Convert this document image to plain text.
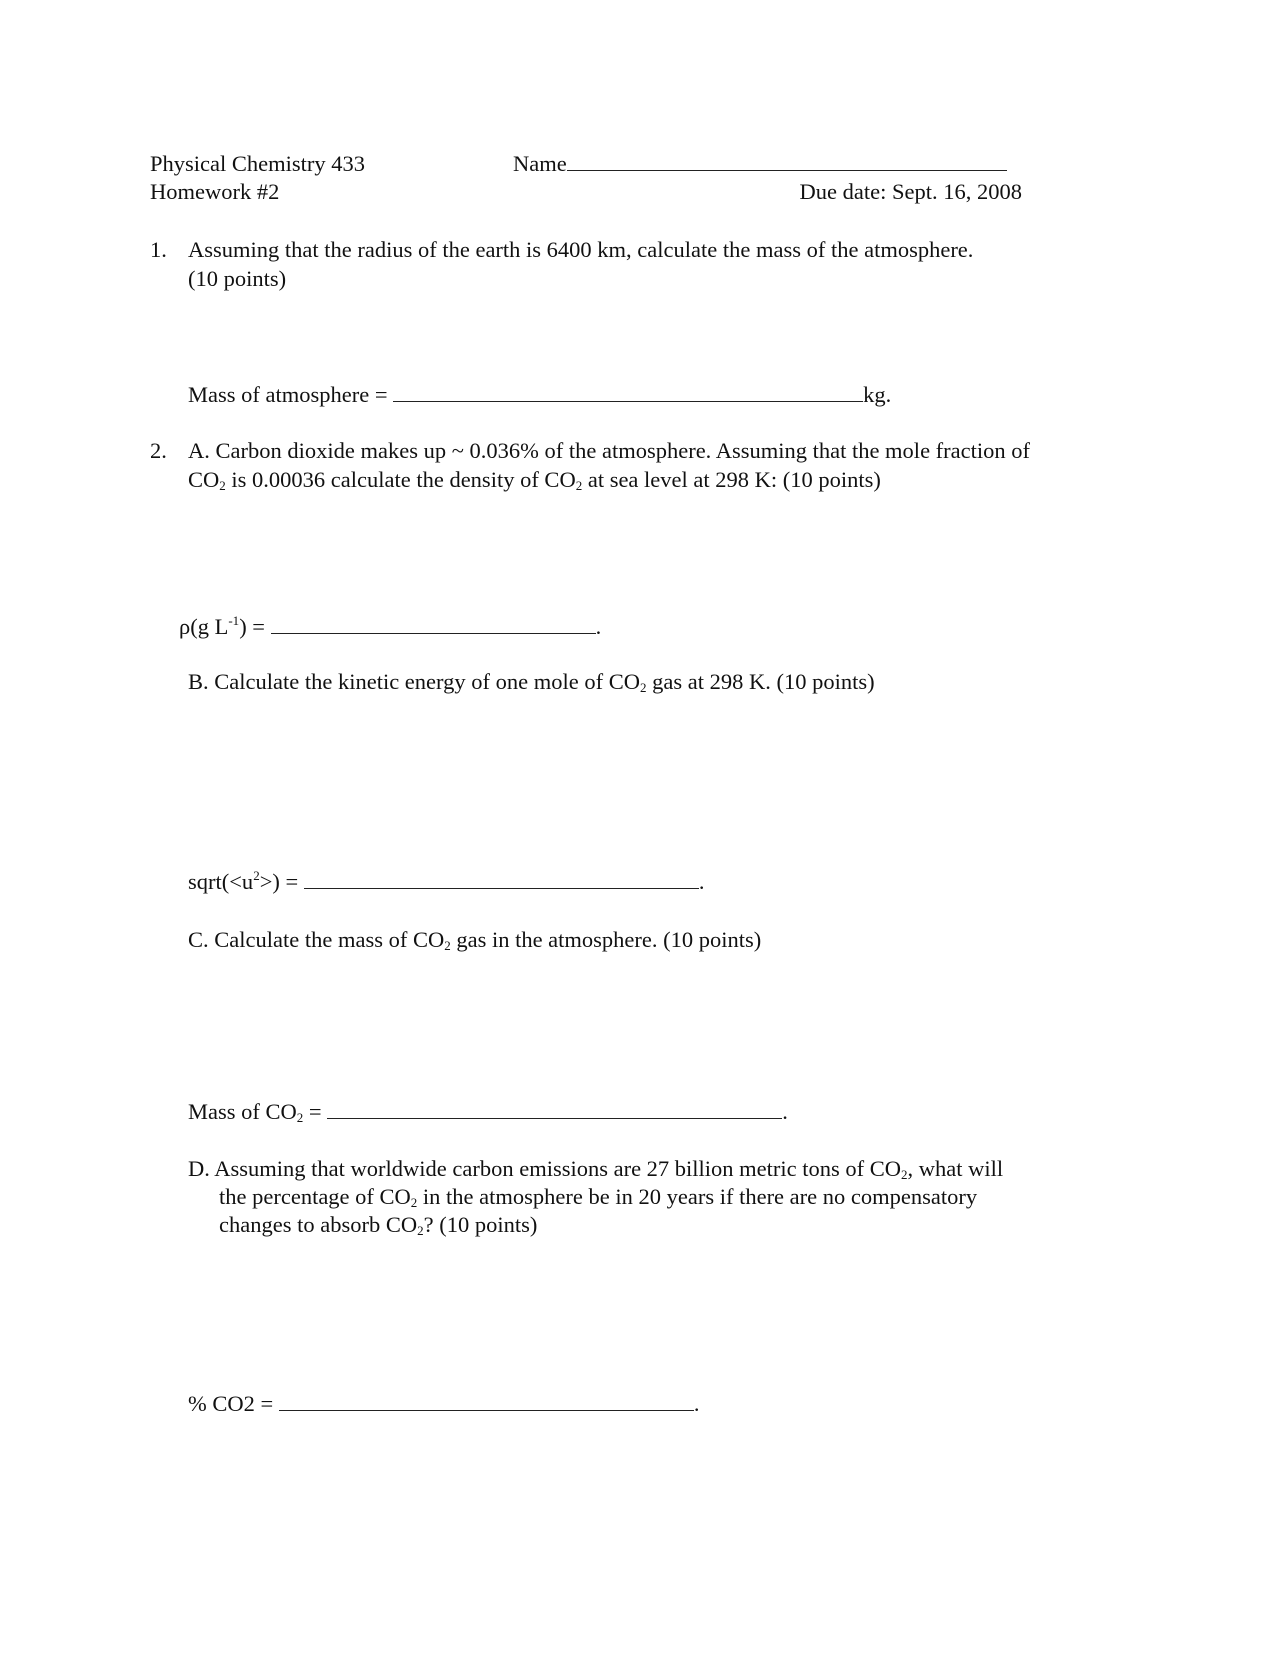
Physical Chemistry 433	Name
Homework #2	Due date: Sept. 16, 2008
1. Assuming that the radius of the earth is 6400 km, calculate the mass of the atmosphere.
(10 points)
Mass of atmosphere =	kg.
2. A. Carbon dioxide makes up ~ 0.036% of the atmosphere. Assuming that the mole fraction of
$CO_2$ is 0.00036 calculate the density of $CO_2$ at sea level at 298 K: (10 points)
ρ(g $L^{-1}$) =	.
B. Calculate the kinetic energy of one mole of $CO_2$ gas at 298 K. (10 points)
$sqrt(<u^2>)$ =	.
C. Calculate the mass of $CO_2$ gas in the atmosphere. (10 points)
Mass of $CO_2$ =	.
D. Assuming that worldwide carbon emissions are 27 billion metric tons of $CO_2$, what will
the percentage of $CO_2$ in the atmosphere be in 20 years if there are no compensatory
changes to absorb $CO_2$? (10 points)
% CO2 =	.
